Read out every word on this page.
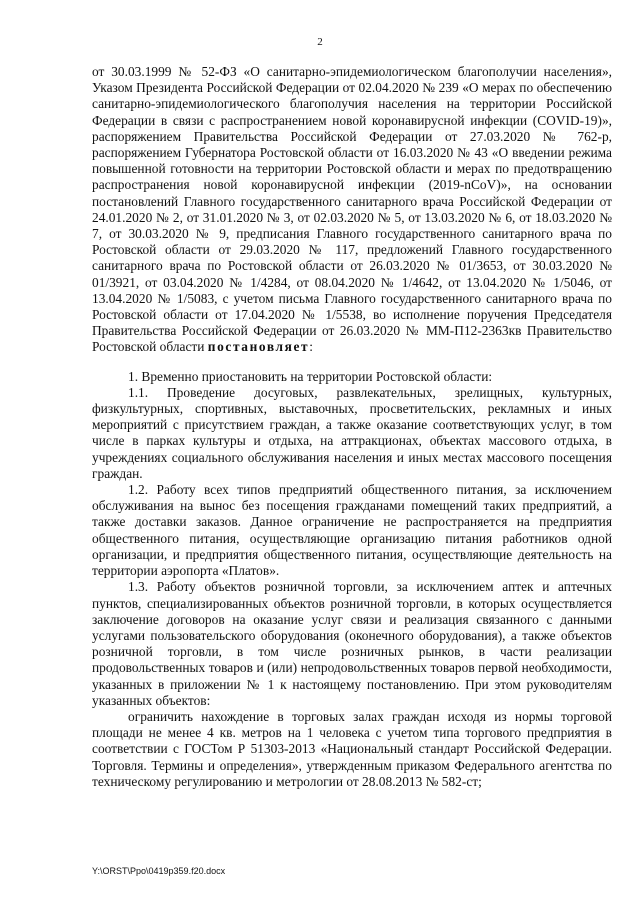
2

от 30.03.1999 № 52-ФЗ «О санитарно-эпидемиологическом благополучии населения», Указом Президента Российской Федерации от 02.04.2020 № 239 «О мерах по обеспечению санитарно-эпидемиологического благополучия населения на территории Российской Федерации в связи с распространением новой коронавирусной инфекции (COVID-19)», распоряжением Правительства Российской Федерации от 27.03.2020 № 762-р, распоряжением Губернатора Ростовской области от 16.03.2020 № 43 «О введении режима повышенной готовности на территории Ростовской области и мерах по предотвращению распространения новой коронавирусной инфекции (2019-nCoV)», на основании постановлений Главного государственного санитарного врача Российской Федерации от 24.01.2020 № 2, от 31.01.2020 № 3, от 02.03.2020 № 5, от 13.03.2020 № 6, от 18.03.2020 № 7, от 30.03.2020 № 9, предписания Главного государственного санитарного врача по Ростовской области от 29.03.2020 № 117, предложений Главного государственного санитарного врача по Ростовской области от 26.03.2020 № 01/3653, от 30.03.2020 № 01/3921, от 03.04.2020 № 1/4284, от 08.04.2020 № 1/4642, от 13.04.2020 № 1/5046, от 13.04.2020 № 1/5083, с учетом письма Главного государственного санитарного врача по Ростовской области от 17.04.2020 № 1/5538, во исполнение поручения Председателя Правительства Российской Федерации от 26.03.2020 № ММ-П12-2363кв Правительство Ростовской области постановляет:

1. Временно приостановить на территории Ростовской области:

1.1. Проведение досуговых, развлекательных, зрелищных, культурных, физкультурных, спортивных, выставочных, просветительских, рекламных и иных мероприятий с присутствием граждан, а также оказание соответствующих услуг, в том числе в парках культуры и отдыха, на аттракционах, объектах массового отдыха, в учреждениях социального обслуживания населения и иных местах массового посещения граждан.

1.2. Работу всех типов предприятий общественного питания, за исключением обслуживания на вынос без посещения гражданами помещений таких предприятий, а также доставки заказов. Данное ограничение не распространяется на предприятия общественного питания, осуществляющие организацию питания работников одной организации, и предприятия общественного питания, осуществляющие деятельность на территории аэропорта «Платов».

1.3. Работу объектов розничной торговли, за исключением аптек и аптечных пунктов, специализированных объектов розничной торговли, в которых осуществляется заключение договоров на оказание услуг связи и реализация связанного с данными услугами пользовательского оборудования (оконечного оборудования), а также объектов розничной торговли, в том числе розничных рынков, в части реализации продовольственных товаров и (или) непродовольственных товаров первой необходимости, указанных в приложении № 1 к настоящему постановлению. При этом руководителям указанных объектов:

ограничить нахождение в торговых залах граждан исходя из нормы торговой площади не менее 4 кв. метров на 1 человека с учетом типа торгового предприятия в соответствии с ГОСТом Р 51303-2013 «Национальный стандарт Российской Федерации. Торговля. Термины и определения», утвержденным приказом Федерального агентства по техническому регулированию и метрологии от 28.08.2013 № 582-ст;

Y:\ORST\Ppo\0419p359.f20.docx
